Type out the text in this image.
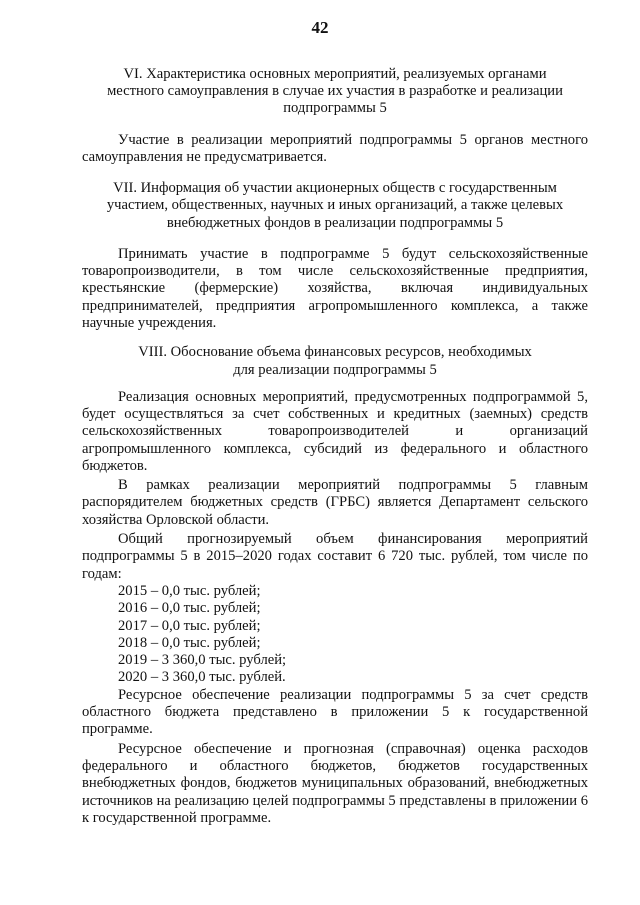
42
VI. Характеристика основных мероприятий, реализуемых органами
местного самоуправления в случае их участия в разработке и реализации
подпрограммы 5

Участие в реализации мероприятий подпрограммы 5 органов местного самоуправления не предусматривается.

VII. Информация об участии акционерных обществ с государственным
участием, общественных, научных и иных организаций, а также целевых
внебюджетных фондов в реализации подпрограммы 5

Принимать участие в подпрограмме 5 будут сельскохозяйственные товаропроизводители, в том числе сельскохозяйственные предприятия, крестьянские (фермерские) хозяйства, включая индивидуальных предпринимателей, предприятия агропромышленного комплекса, а также научные учреждения.

VIII. Обоснование объема финансовых ресурсов, необходимых
для реализации подпрограммы 5

Реализация основных мероприятий, предусмотренных подпрограммой 5, будет осуществляться за счет собственных и кредитных (заемных) средств сельскохозяйственных товаропроизводителей и организаций агропромышленного комплекса, субсидий из федерального и областного бюджетов.

В рамках реализации мероприятий подпрограммы 5 главным распорядителем бюджетных средств (ГРБС) является Департамент сельского хозяйства Орловской области.

Общий прогнозируемый объем финансирования мероприятий подпрограммы 5 в 2015–2020 годах составит 6 720 тыс. рублей, том числе по годам:

2015 – 0,0 тыс. рублей;
2016 – 0,0 тыс. рублей;
2017 – 0,0 тыс. рублей;
2018 – 0,0 тыс. рублей;
2019 – 3 360,0 тыс. рублей;
2020 – 3 360,0 тыс. рублей.

Ресурсное обеспечение реализации подпрограммы 5 за счет средств областного бюджета представлено в приложении 5 к государственной программе.

Ресурсное обеспечение и прогнозная (справочная) оценка расходов федерального и областного бюджетов, бюджетов государственных внебюджетных фондов, бюджетов муниципальных образований, внебюджетных источников на реализацию целей подпрограммы 5 представлены в приложении 6 к государственной программе.
